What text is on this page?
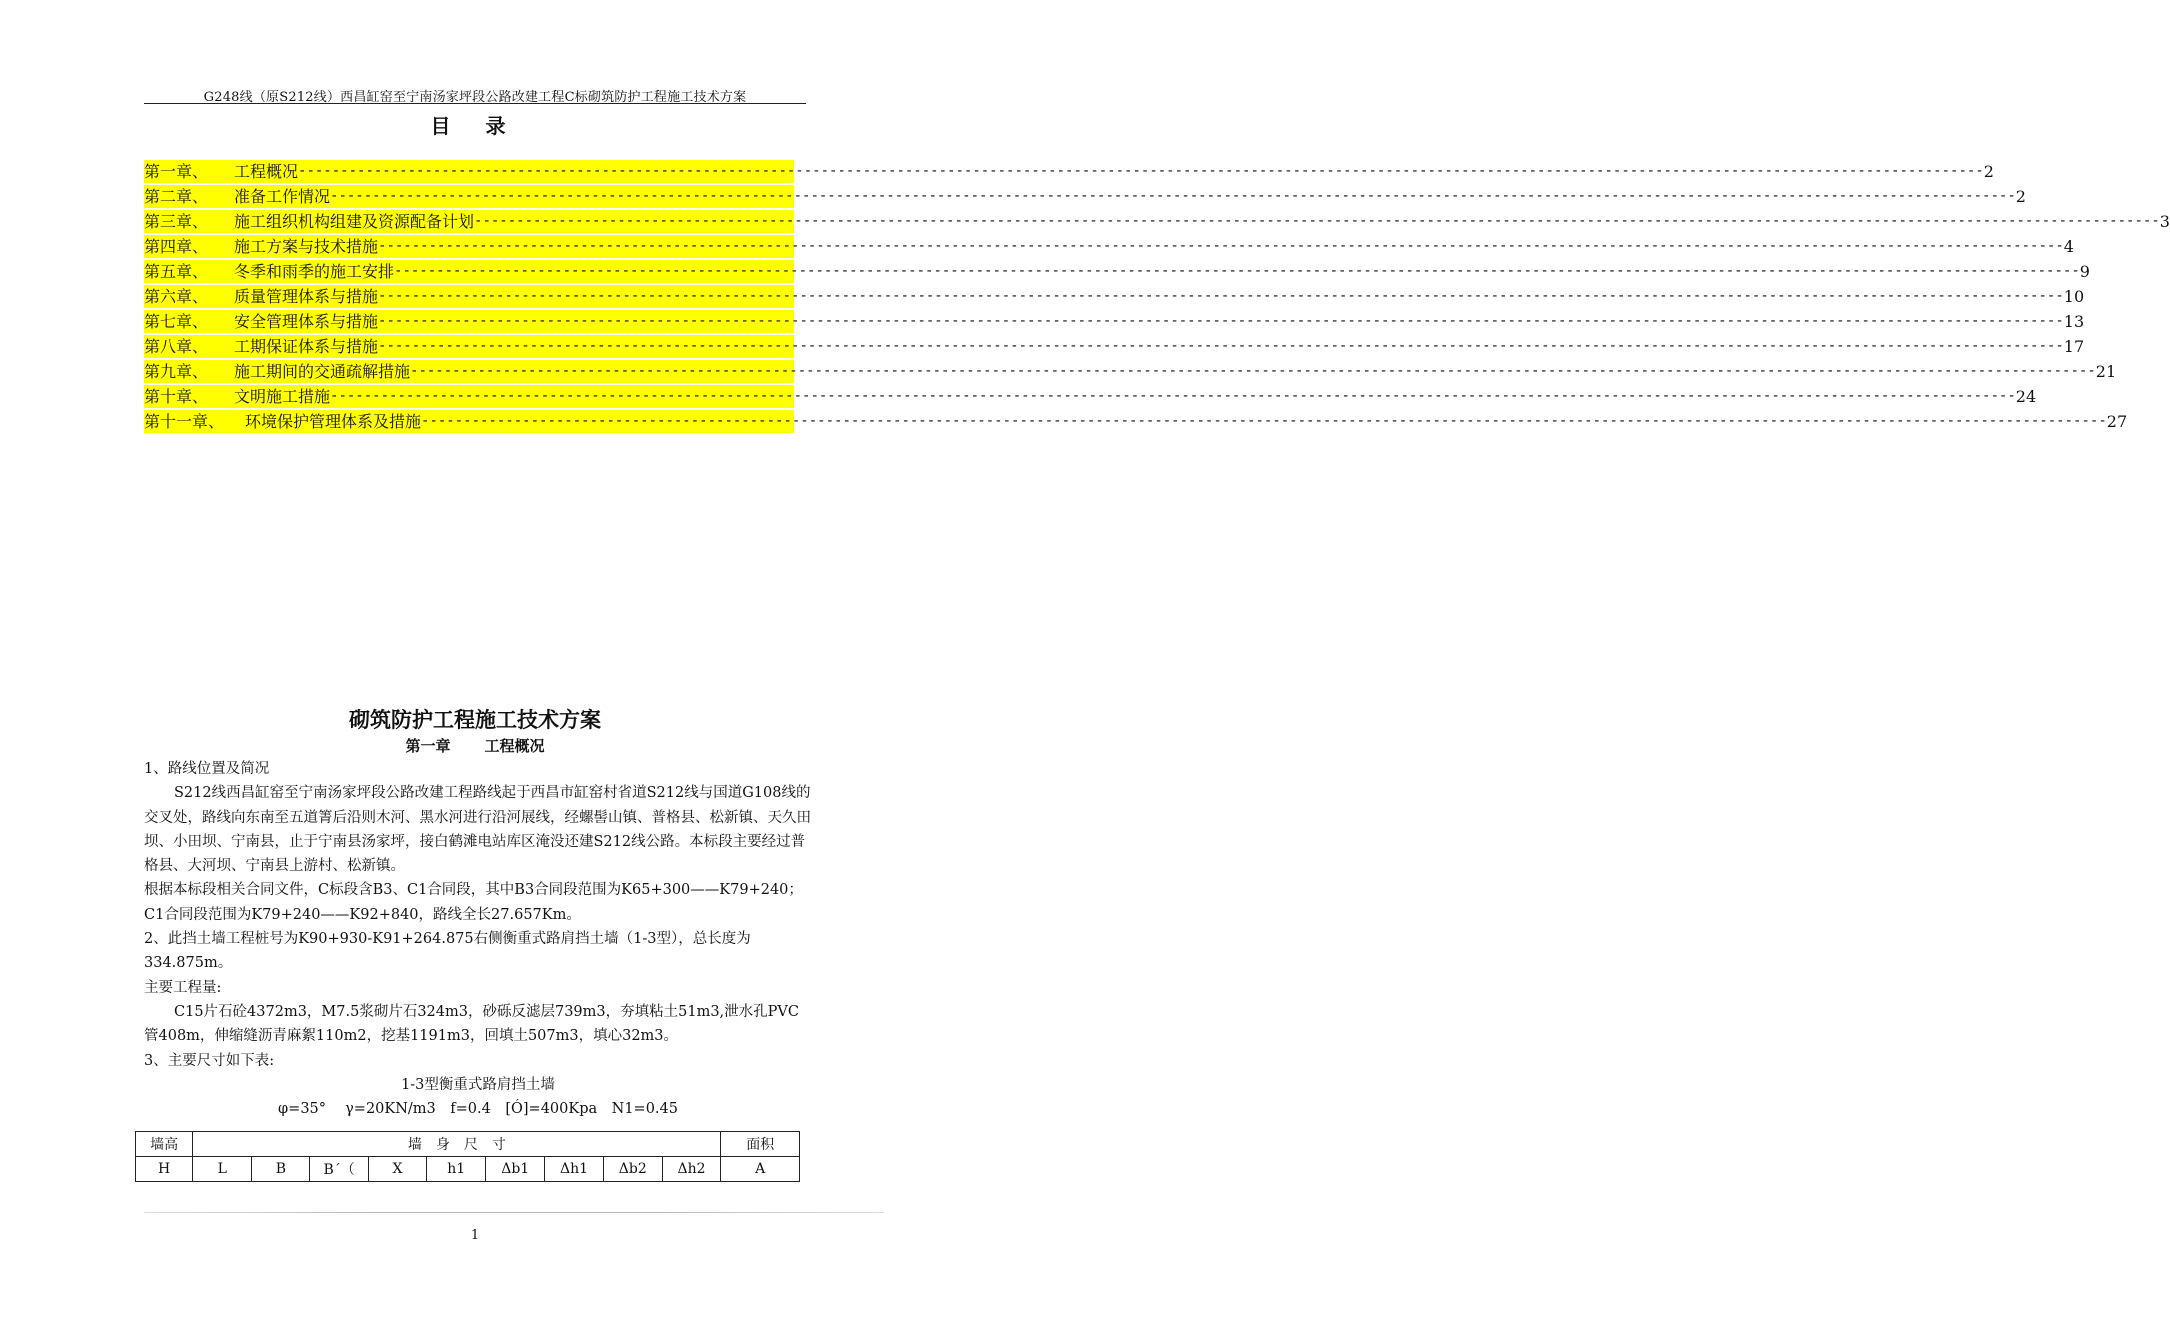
G248线（原S212线）西昌缸窑至宁南汤家坪段公路改建工程C标砌筑防护工程施工技术方案
目 录
第一章、	工程概况 -------------------------------------------------------------------------------------------------------------------------------------------------------------------------------------------------------- 2
第二章、	准备工作情况 -------------------------------------------------------------------------------------------------------------------------------------------------------------------------------------------------------- 2
第三章、	施工组织机构组建及资源配备计划 -------------------------------------------------------------------------------------------------------------------------------------------------------------------------------------------------------- 3
第四章、	施工方案与技术措施 -------------------------------------------------------------------------------------------------------------------------------------------------------------------------------------------------------- 4
第五章、	冬季和雨季的施工安排 -------------------------------------------------------------------------------------------------------------------------------------------------------------------------------------------------------- 9
第六章、	质量管理体系与措施 -------------------------------------------------------------------------------------------------------------------------------------------------------------------------------------------------------- 10
第七章、	安全管理体系与措施 -------------------------------------------------------------------------------------------------------------------------------------------------------------------------------------------------------- 13
第八章、	工期保证体系与措施 -------------------------------------------------------------------------------------------------------------------------------------------------------------------------------------------------------- 17
第九章、	施工期间的交通疏解措施 -------------------------------------------------------------------------------------------------------------------------------------------------------------------------------------------------------- 21
第十章、	文明施工措施 -------------------------------------------------------------------------------------------------------------------------------------------------------------------------------------------------------- 24
第十一章、	环境保护管理体系及措施 -------------------------------------------------------------------------------------------------------------------------------------------------------------------------------------------------------- 27
砌筑防护工程施工技术方案
第一章 工程概况

1、路线位置及简况

S212线西昌缸窑至宁南汤家坪段公路改建工程路线起于西昌市缸窑村省道S212线与国道G108线的交叉处，路线向东南至五道箐后沿则木河、黑水河进行沿河展线，经螺髻山镇、普格县、松新镇、天久田坝、小田坝、宁南县，止于宁南县汤家坪，接白鹤滩电站库区淹没还建S212线公路。本标段主要经过普格县、大河坝、宁南县上游村、松新镇。

根据本标段相关合同文件，C标段含B3、C1合同段，其中B3合同段范围为K65+300——K79+240；C1合同段范围为K79+240——K92+840，路线全长27.657Km。

2、此挡土墙工程桩号为K90+930-K91+264.875右侧衡重式路肩挡土墙（1-3型），总长度为334.875m。

主要工程量:

C15片石砼4372m3，M7.5浆砌片石324m3，砂砾反滤层739m3，夯填粘土51m3,泄水孔PVC管408m，伸缩缝沥青麻絮110m2，挖基1191m3，回填土507m3，填心32m3。

3、主要尺寸如下表:

1-3型衡重式路肩挡土墙

φ=35°　 γ=20KN/m3　f=0.4　[Ó]=400Kpa　N1=0.45

墙高	墙　身　尺　寸									面积
H	L	B	B´（	X	h1	Δb1	Δh1	Δb2	Δh2	A
1
